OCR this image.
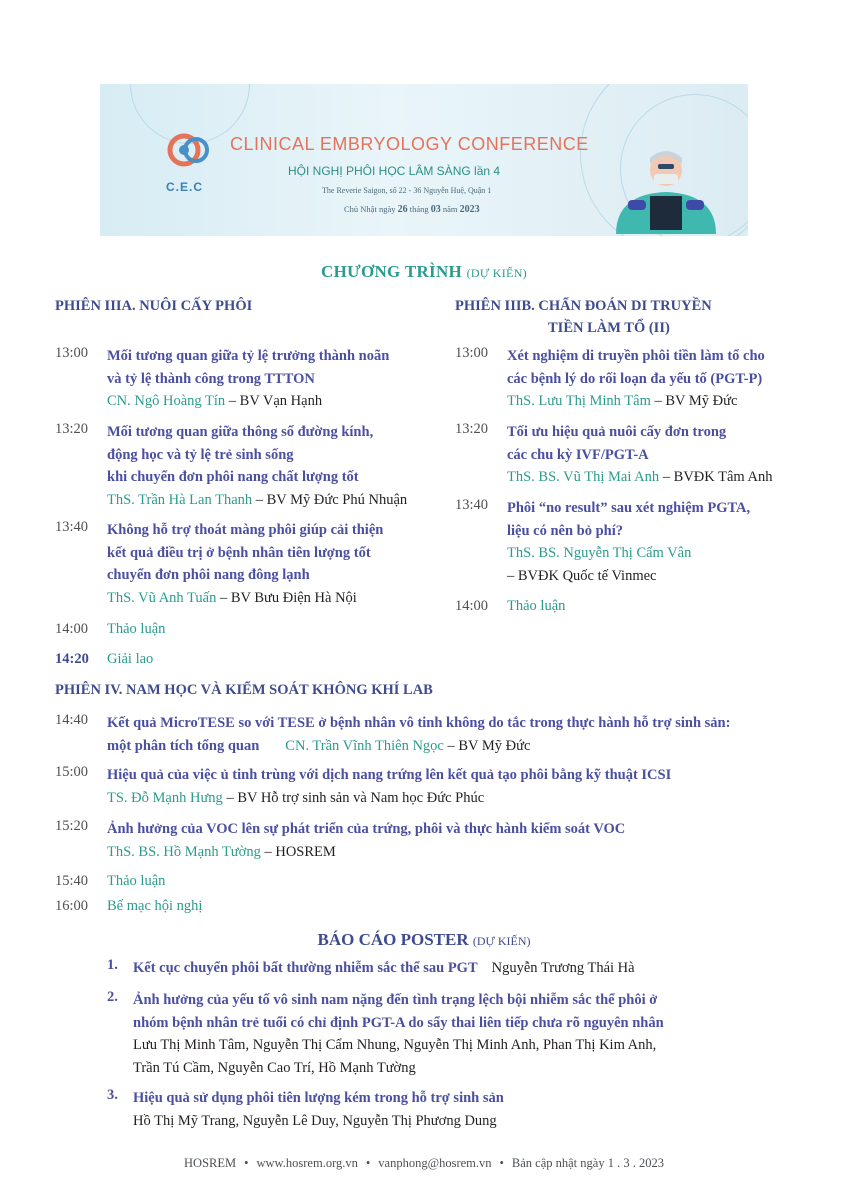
C.E.C
CLINICAL EMBRYOLOGY CONFERENCE
HỘI NGHỊ PHÔI HỌC LÂM SÀNG lần 4
The Reverie Saigon, số 22 - 36 Nguyễn Huệ, Quận 1
Chủ Nhật ngày 26 tháng 03 năm 2023
CHƯƠNG TRÌNH (DỰ KIẾN)
PHIÊN IIIA. NUÔI CẤY PHÔI
13:00 Mối tương quan giữa tỷ lệ trưởng thành noãn
và tỷ lệ thành công trong TTTON
CN. Ngô Hoàng Tín – BV Vạn Hạnh
13:20 Mối tương quan giữa thông số đường kính,
động học và tỷ lệ trẻ sinh sống
khi chuyển đơn phôi nang chất lượng tốt
ThS. Trần Hà Lan Thanh – BV Mỹ Đức Phú Nhuận
13:40 Không hỗ trợ thoát màng phôi giúp cải thiện
kết quả điều trị ở bệnh nhân tiên lượng tốt
chuyển đơn phôi nang đông lạnh
ThS. Vũ Anh Tuấn – BV Bưu Điện Hà Nội
14:00 Thảo luận
14:20 Giải lao
PHIÊN IIIB. CHẨN ĐOÁN DI TRUYỀN
TIỀN LÀM TỔ (II)
13:00 Xét nghiệm di truyền phôi tiền làm tổ cho
các bệnh lý do rối loạn đa yếu tố (PGT-P)
ThS. Lưu Thị Minh Tâm – BV Mỹ Đức
13:20 Tối ưu hiệu quả nuôi cấy đơn trong
các chu kỳ IVF/PGT-A
ThS. BS. Vũ Thị Mai Anh – BVĐK Tâm Anh
13:40 Phôi “no result” sau xét nghiệm PGTA,
liệu có nên bỏ phí?
ThS. BS. Nguyễn Thị Cẩm Vân
– BVĐK Quốc tế Vinmec
14:00 Thảo luận
PHIÊN IV. NAM HỌC VÀ KIỂM SOÁT KHÔNG KHÍ LAB
14:40 Kết quả MicroTESE so với TESE ở bệnh nhân vô tinh không do tắc trong thực hành hỗ trợ sinh sản:
một phân tích tổng quan CN. Trần Vĩnh Thiên Ngọc – BV Mỹ Đức
15:00 Hiệu quả của việc ủ tinh trùng với dịch nang trứng lên kết quả tạo phôi bằng kỹ thuật ICSI
TS. Đỗ Mạnh Hưng – BV Hỗ trợ sinh sản và Nam học Đức Phúc
15:20 Ảnh hưởng của VOC lên sự phát triển của trứng, phôi và thực hành kiểm soát VOC
ThS. BS. Hồ Mạnh Tường – HOSREM
15:40 Thảo luận
16:00 Bế mạc hội nghị
BÁO CÁO POSTER (DỰ KIẾN)
1. Kết cục chuyển phôi bất thường nhiễm sắc thể sau PGT Nguyễn Trương Thái Hà
2. Ảnh hưởng của yếu tố vô sinh nam nặng đến tình trạng lệch bội nhiễm sắc thể phôi ở
nhóm bệnh nhân trẻ tuổi có chỉ định PGT-A do sẩy thai liên tiếp chưa rõ nguyên nhân
Lưu Thị Minh Tâm, Nguyễn Thị Cẩm Nhung, Nguyễn Thị Minh Anh, Phan Thị Kim Anh,
Trần Tú Cầm, Nguyễn Cao Trí, Hồ Mạnh Tường
3. Hiệu quả sử dụng phôi tiên lượng kém trong hỗ trợ sinh sản
Hồ Thị Mỹ Trang, Nguyễn Lê Duy, Nguyễn Thị Phương Dung
HOSREM • www.hosrem.org.vn • vanphong@hosrem.vn • Bản cập nhật ngày 1 . 3 . 2023
